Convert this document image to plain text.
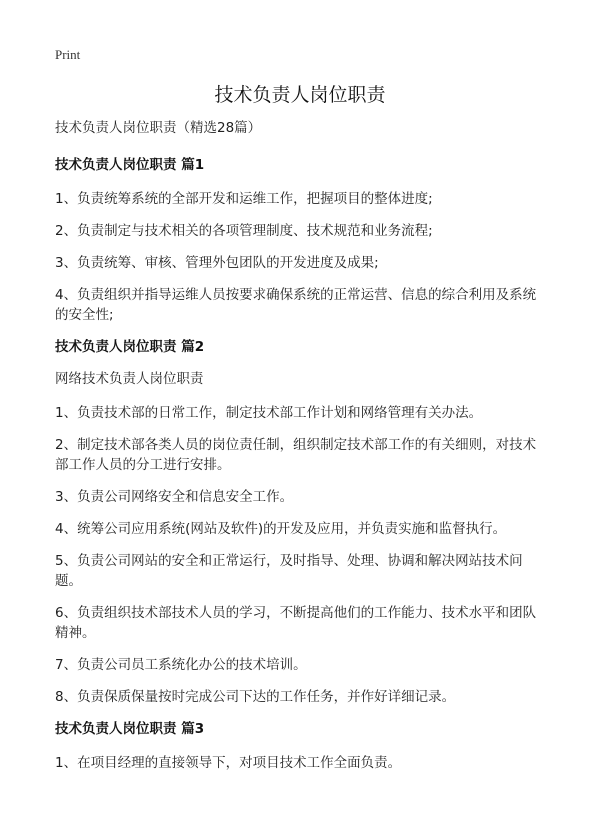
Print

技术负责人岗位职责

技术负责人岗位职责（精选28篇）

技术负责人岗位职责 篇1

1、负责统筹系统的全部开发和运维工作，把握项目的整体进度;

2、负责制定与技术相关的各项管理制度、技术规范和业务流程;

3、负责统筹、审核、管理外包团队的开发进度及成果;

4、负责组织并指导运维人员按要求确保系统的正常运营、信息的综合利用及系统的安全性;

技术负责人岗位职责 篇2

网络技术负责人岗位职责

1、负责技术部的日常工作，制定技术部工作计划和网络管理有关办法。

2、制定技术部各类人员的岗位责任制，组织制定技术部工作的有关细则，对技术部工作人员的分工进行安排。

3、负责公司网络安全和信息安全工作。

4、统筹公司应用系统(网站及软件)的开发及应用，并负责实施和监督执行。

5、负责公司网站的安全和正常运行，及时指导、处理、协调和解决网站技术问题。

6、负责组织技术部技术人员的学习，不断提高他们的工作能力、技术水平和团队精神。

7、负责公司员工系统化办公的技术培训。

8、负责保质保量按时完成公司下达的工作任务，并作好详细记录。

技术负责人岗位职责 篇3

1、在项目经理的直接领导下，对项目技术工作全面负责。
